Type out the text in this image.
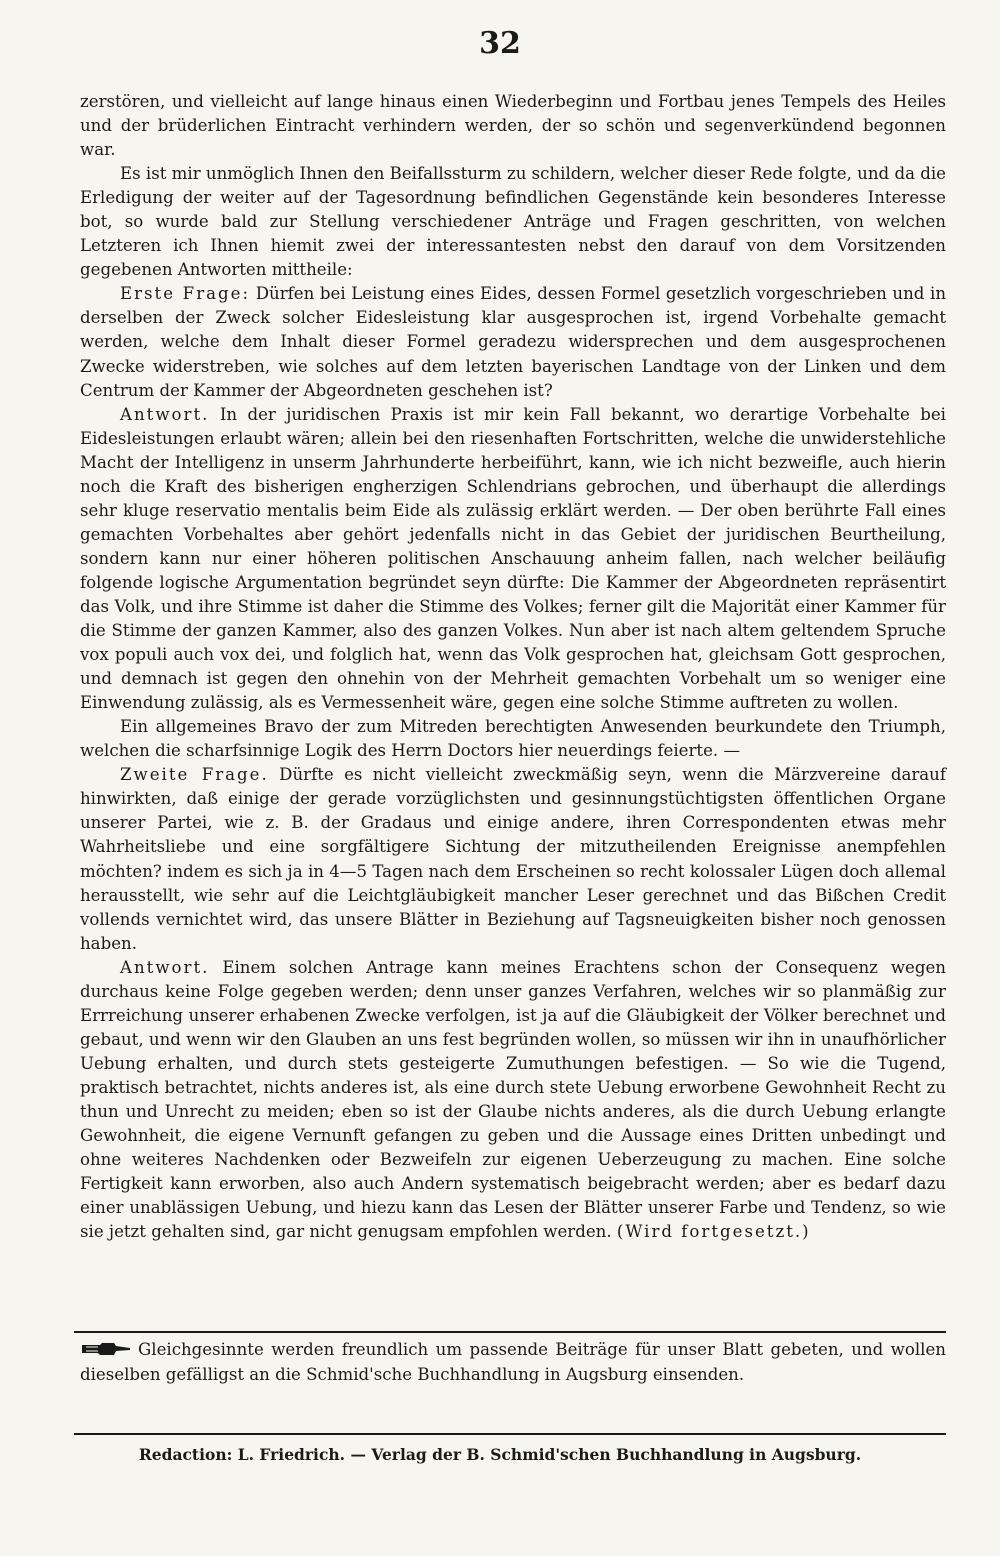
32

zerstören, und vielleicht auf lange hinaus einen Wiederbeginn und Fortbau jenes Tempels des Heiles und der brüderlichen Eintracht verhindern werden, der so schön und segenverkündend begonnen war.

Es ist mir unmöglich Ihnen den Beifallssturm zu schildern, welcher dieser Rede folgte, und da die Erledigung der weiter auf der Tagesordnung befindlichen Gegenstände kein besonderes Interesse bot, so wurde bald zur Stellung verschiedener Anträge und Fragen geschritten, von welchen Letzteren ich Ihnen hiemit zwei der interessantesten nebst den darauf von dem Vorsitzenden gegebenen Antworten mittheile:

Erste Frage: Dürfen bei Leistung eines Eides, dessen Formel gesetzlich vorgeschrieben und in derselben der Zweck solcher Eidesleistung klar ausgesprochen ist, irgend Vorbehalte gemacht werden, welche dem Inhalt dieser Formel geradezu widersprechen und dem ausgesprochenen Zwecke widerstreben, wie solches auf dem letzten bayerischen Landtage von der Linken und dem Centrum der Kammer der Abgeordneten geschehen ist?

Antwort. In der juridischen Praxis ist mir kein Fall bekannt, wo derartige Vorbehalte bei Eidesleistungen erlaubt wären; allein bei den riesenhaften Fortschritten, welche die unwiderstehliche Macht der Intelligenz in unserm Jahrhunderte herbeiführt, kann, wie ich nicht bezweifle, auch hierin noch die Kraft des bisherigen engherzigen Schlendrians gebrochen, und überhaupt die allerdings sehr kluge reservatio mentalis beim Eide als zulässig erklärt werden. — Der oben berührte Fall eines gemachten Vorbehaltes aber gehört jedenfalls nicht in das Gebiet der juridischen Beurtheilung, sondern kann nur einer höheren politischen Anschauung anheim fallen, nach welcher beiläufig folgende logische Argumentation begründet seyn dürfte: Die Kammer der Abgeordneten repräsentirt das Volk, und ihre Stimme ist daher die Stimme des Volkes; ferner gilt die Majorität einer Kammer für die Stimme der ganzen Kammer, also des ganzen Volkes. Nun aber ist nach altem geltendem Spruche vox populi auch vox dei, und folglich hat, wenn das Volk gesprochen hat, gleichsam Gott gesprochen, und demnach ist gegen den ohnehin von der Mehrheit gemachten Vorbehalt um so weniger eine Einwendung zulässig, als es Vermessenheit wäre, gegen eine solche Stimme auftreten zu wollen.

Ein allgemeines Bravo der zum Mitreden berechtigten Anwesenden beurkundete den Triumph, welchen die scharfsinnige Logik des Herrn Doctors hier neuerdings feierte. —

Zweite Frage. Dürfte es nicht vielleicht zweckmäßig seyn, wenn die Märzvereine darauf hinwirkten, daß einige der gerade vorzüglichsten und gesinnungstüchtigsten öffentlichen Organe unserer Partei, wie z. B. der Gradaus und einige andere, ihren Correspondenten etwas mehr Wahrheitsliebe und eine sorgfältigere Sichtung der mitzutheilenden Ereignisse anempfehlen möchten? indem es sich ja in 4—5 Tagen nach dem Erscheinen so recht kolossaler Lügen doch allemal herausstellt, wie sehr auf die Leichtgläubigkeit mancher Leser gerechnet und das Bißchen Credit vollends vernichtet wird, das unsere Blätter in Beziehung auf Tagsneuigkeiten bisher noch genossen haben.

Antwort. Einem solchen Antrage kann meines Erachtens schon der Consequenz wegen durchaus keine Folge gegeben werden; denn unser ganzes Verfahren, welches wir so planmäßig zur Errreichung unserer erhabenen Zwecke verfolgen, ist ja auf die Gläubigkeit der Völker berechnet und gebaut, und wenn wir den Glauben an uns fest begründen wollen, so müssen wir ihn in unaufhörlicher Uebung erhalten, und durch stets gesteigerte Zumuthungen befestigen. — So wie die Tugend, praktisch betrachtet, nichts anderes ist, als eine durch stete Uebung erworbene Gewohnheit Recht zu thun und Unrecht zu meiden; eben so ist der Glaube nichts anderes, als die durch Uebung erlangte Gewohnheit, die eigene Vernunft gefangen zu geben und die Aussage eines Dritten unbedingt und ohne weiteres Nachdenken oder Bezweifeln zur eigenen Ueberzeugung zu machen. Eine solche Fertigkeit kann erworben, also auch Andern systematisch beigebracht werden; aber es bedarf dazu einer unablässigen Uebung, und hiezu kann das Lesen der Blätter unserer Farbe und Tendenz, so wie sie jetzt gehalten sind, gar nicht genugsam empfohlen werden. (Wird fortgesetzt.)

Gleichgesinnte werden freundlich um passende Beiträge für unser Blatt gebeten, und wollen dieselben gefälligst an die Schmid'sche Buchhandlung in Augsburg einsenden.

Redaction: L. Friedrich. — Verlag der B. Schmid'schen Buchhandlung in Augsburg.
